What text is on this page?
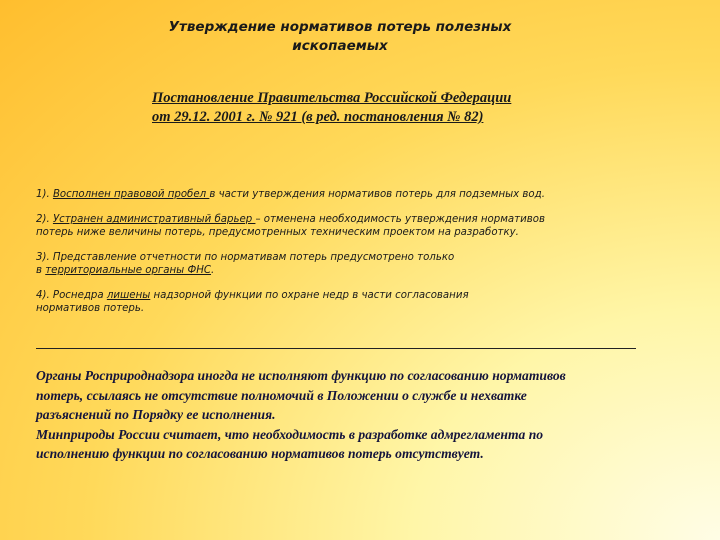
Утверждение нормативов потерь полезных
ископаемых
Постановление Правительства Российской Федерации
от 29.12. 2001 г. № 921 (в ред. постановления № 82)
1). Восполнен правовой пробел в части утверждения нормативов потерь для подземных вод.
2). Устранен административный барьер – отменена необходимость утверждения нормативов
потерь ниже величины потерь, предусмотренных техническим проектом на разработку.
3). Представление отчетности по нормативам потерь предусмотрено только
в территориальные органы ФНС.
4). Роснедра лишены надзорной функции по охране недр в части согласования
нормативов потерь.
Органы Росприроднадзора иногда не исполняют функцию по согласованию нормативов
потерь, ссылаясь не отсутствие полномочий в Положении о службе и нехватке
разъяснений по Порядку ее исполнения.
Минприроды России считает, что необходимость в разработке адмрегламента по
исполнению функции по согласованию нормативов потерь отсутствует.
